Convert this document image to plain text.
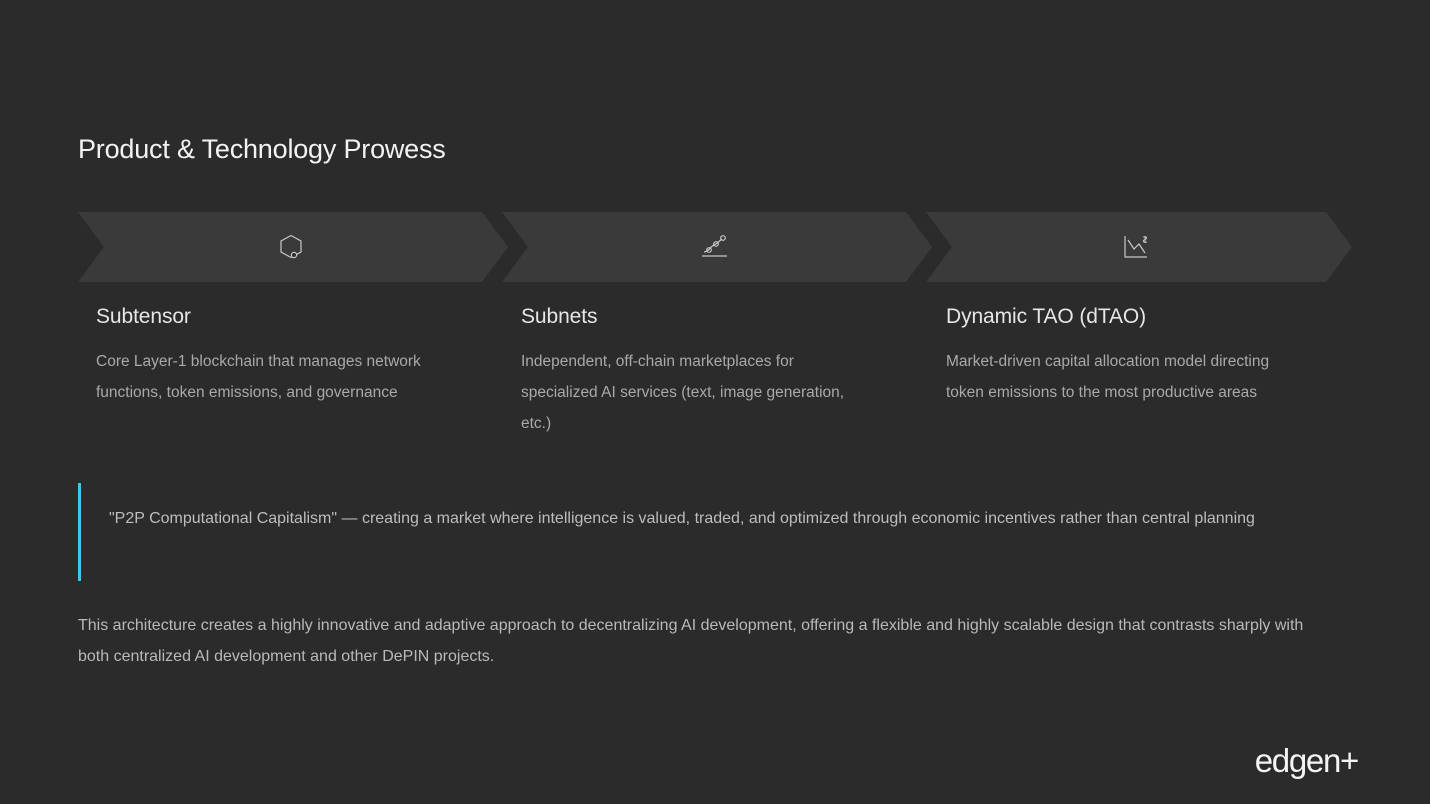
Product & Technology Prowess
Subtensor

Core Layer-1 blockchain that manages network functions, token emissions, and governance

Subnets

Independent, off-chain marketplaces for specialized AI services (text, image generation, etc.)

Dynamic TAO (dTAO)

Market-driven capital allocation model directing token emissions to the most productive areas

"P2P Computational Capitalism" — creating a market where intelligence is valued, traded, and optimized through economic incentives rather than central planning

This architecture creates a highly innovative and adaptive approach to decentralizing AI development, offering a flexible and highly scalable design that contrasts sharply with both centralized AI development and other DePIN projects.

edgen+
